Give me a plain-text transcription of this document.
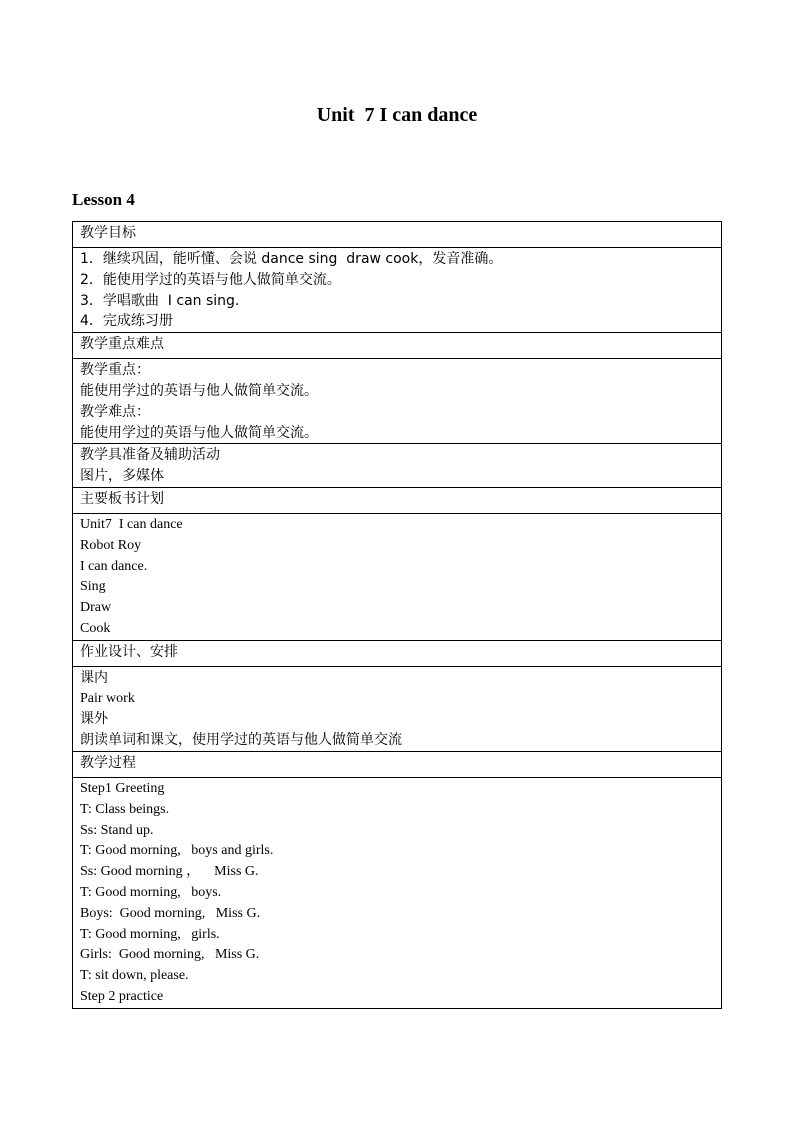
Unit  7 I can dance
Lesson 4
教学目标

1．继续巩固，能听懂、会说 dance sing  draw cook，发音准确。
2．能使用学过的英语与他人做简单交流。
3．学唱歌曲  I can sing.
4．完成练习册

教学重点难点

教学重点：
能使用学过的英语与他人做简单交流。
教学难点：
能使用学过的英语与他人做简单交流。

教学具准备及辅助活动
图片，多媒体

主要板书计划

Unit7  I can dance
Robot Roy
I can dance.
Sing
Draw
Cook

作业设计、安排

课内
Pair work
课外
朗读单词和课文，使用学过的英语与他人做简单交流

教学过程

Step1 Greeting
T: Class beings.
Ss: Stand up.
T: Good morning,   boys and girls.
Ss: Good morning ，    Miss G.
T: Good morning,   boys.
Boys:  Good morning,   Miss G.
T: Good morning,   girls.
Girls:  Good morning,   Miss G.
T: sit down, please.
Step 2 practice
